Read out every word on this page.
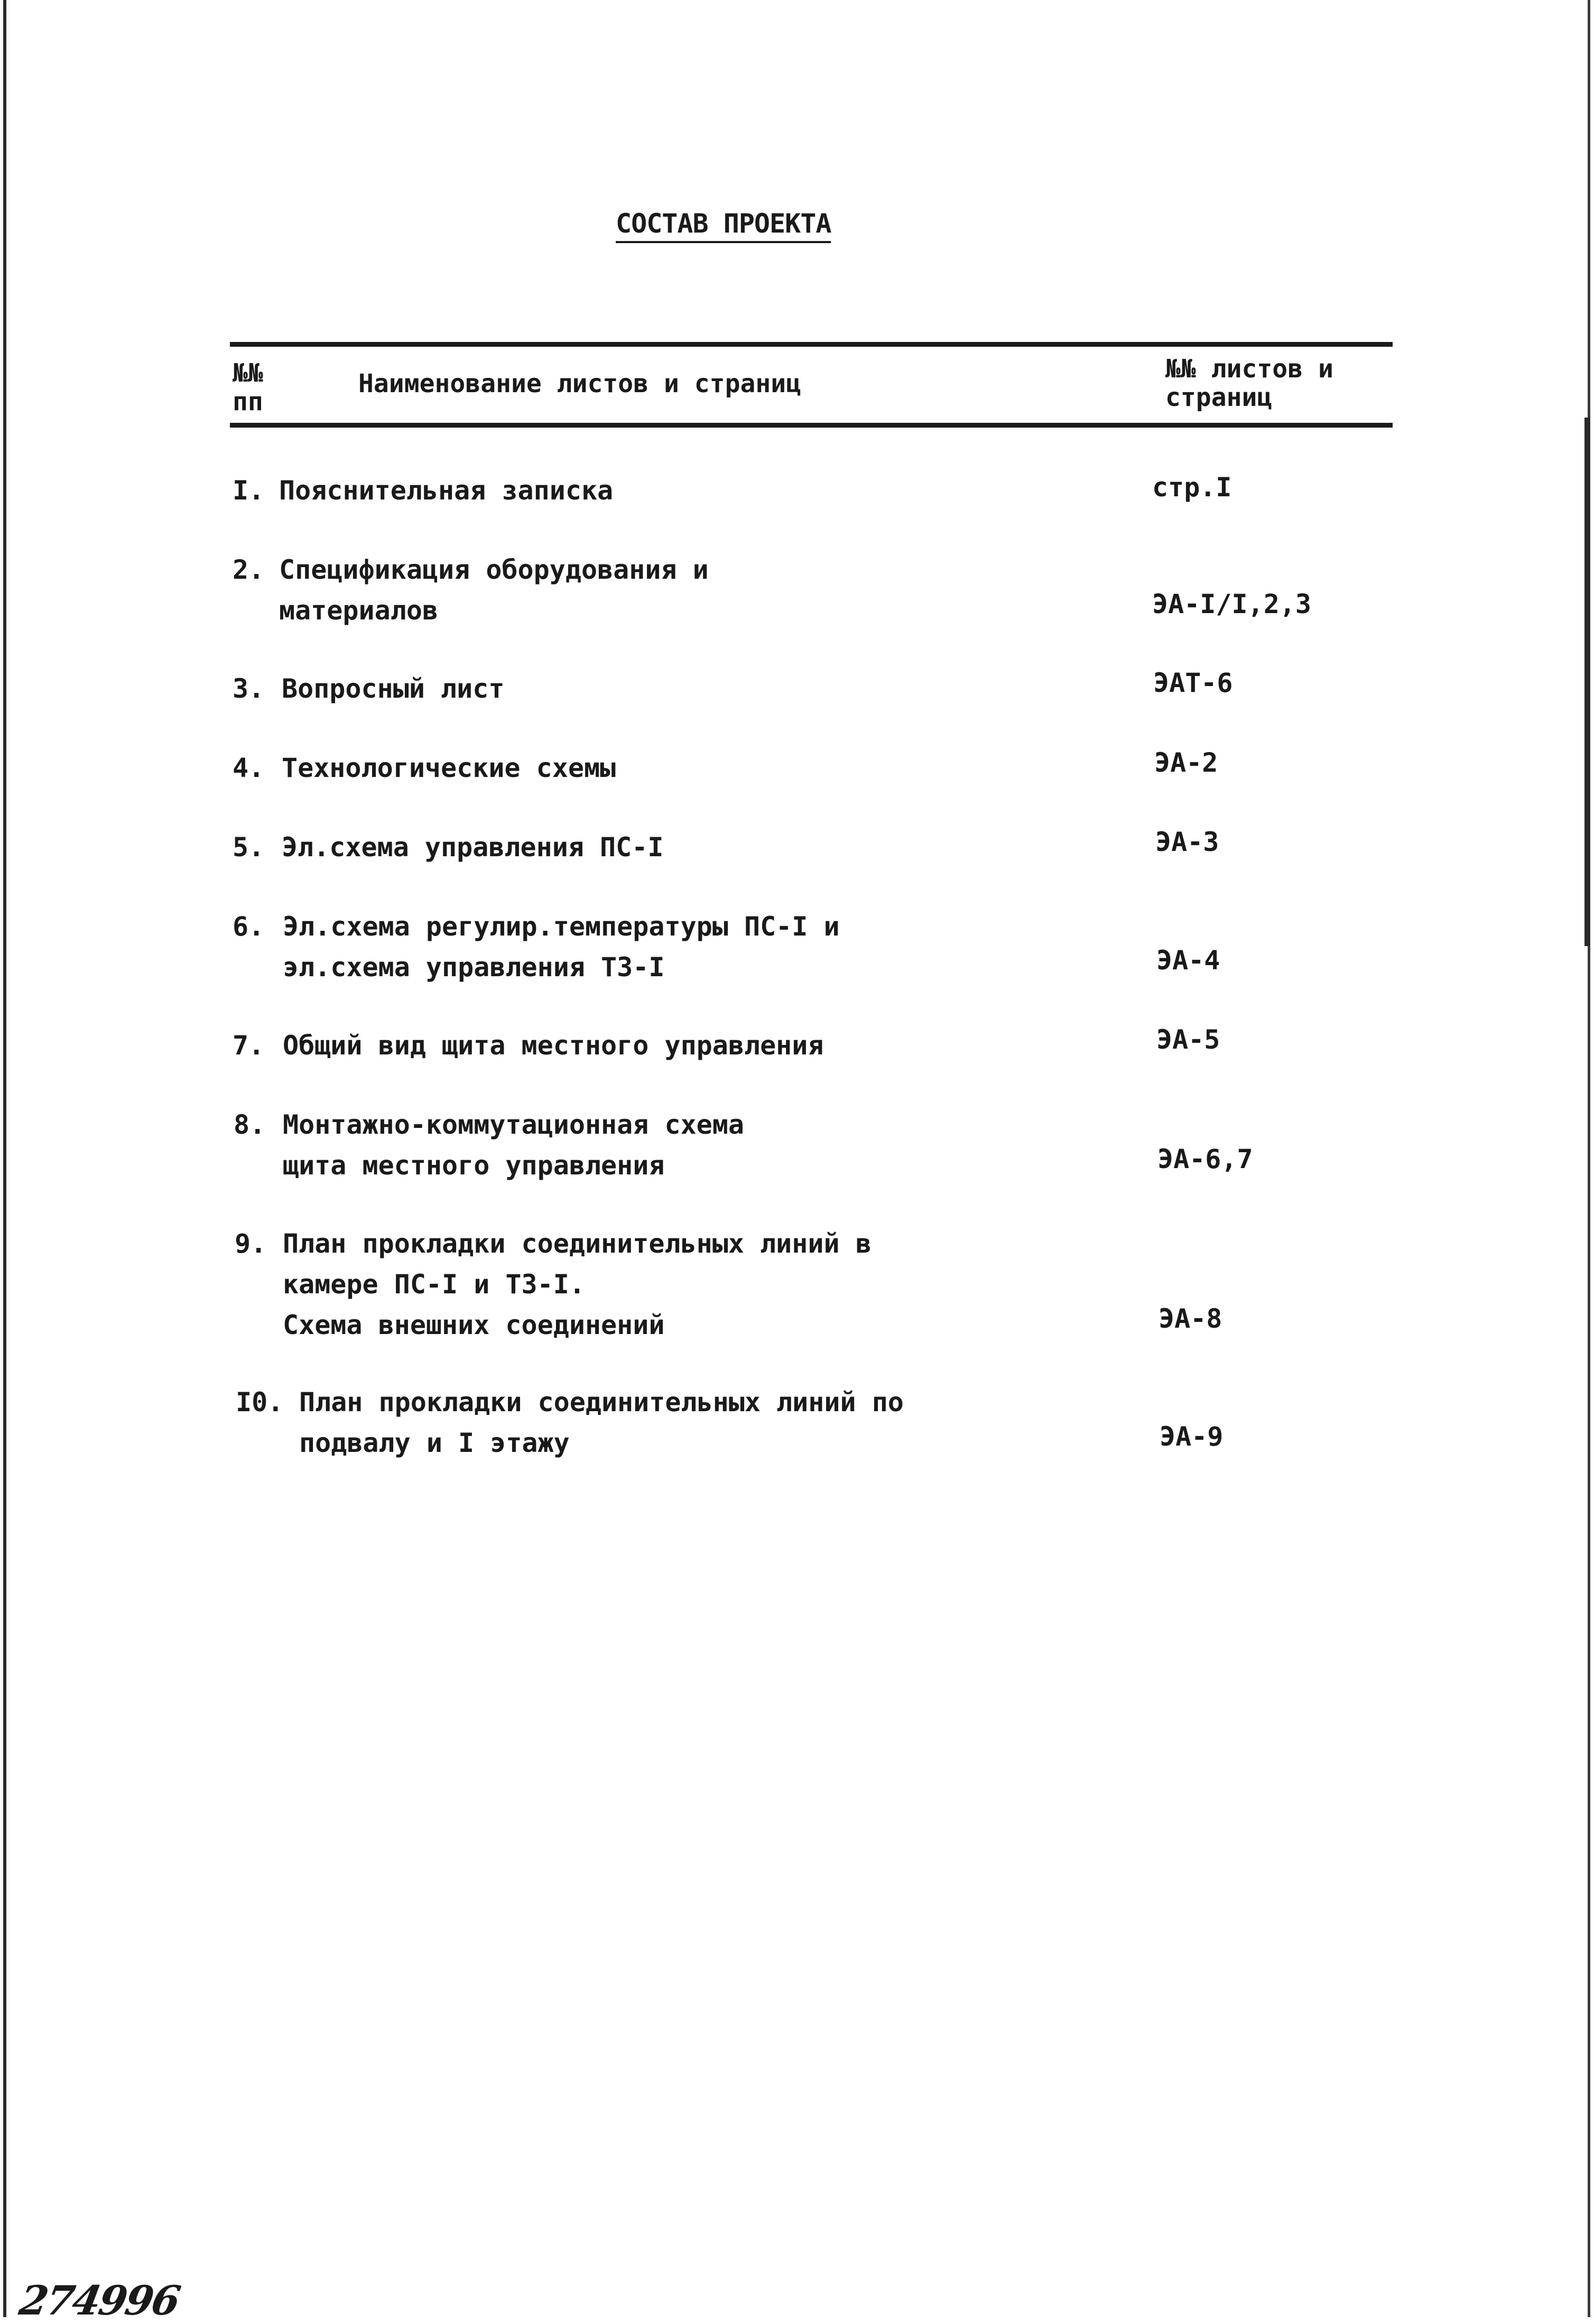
СОСТАВ ПРОЕКТА
№№
пп
Наименование листов и страниц	№№ листов и
страниц
I. Пояснительная записка	стр.I
2. Спецификация оборудования и
материалов	ЭА-I/I,2,3
3. Вопросный лист	ЭАТ-6
4. Технологические схемы	ЭА-2
5. Эл.схема управления ПС-I	ЭА-3
6. Эл.схема регулир.температуры ПС-I и
эл.схема управления ТЗ-I	ЭА-4
7. Общий вид щита местного управления	ЭА-5
8. Монтажно-коммутационная схема
щита местного управления	ЭА-6,7
9. План прокладки соединительных линий в
камере ПС-I и ТЗ-I.
Схема внешних соединений	ЭА-8
I0. План прокладки соединительных линий по
подвалу и I этажу	ЭА-9
274996
